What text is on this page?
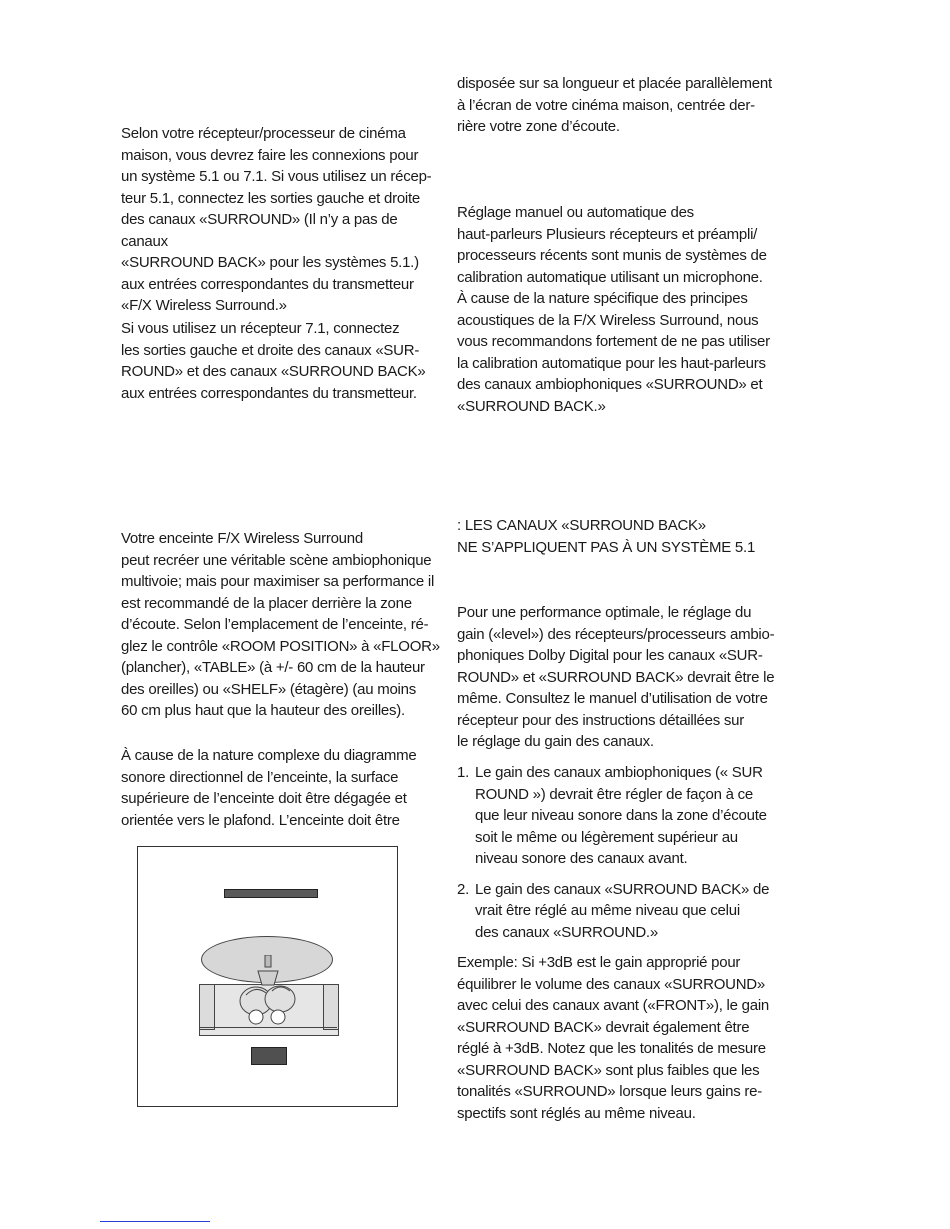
Selon votre récepteur/processeur de cinéma
maison, vous devrez faire les connexions pour
un système 5.1 ou 7.1. Si vous utilisez un récep-
teur 5.1, connectez les sorties gauche et droite
des canaux «SURROUND» (Il n’y a pas de canaux
«SURROUND BACK» pour les systèmes 5.1.)
aux entrées correspondantes du transmetteur
«F/X Wireless Surround.»

Si vous utilisez un récepteur 7.1, connectez
les sorties gauche et droite des canaux «SUR-
ROUND» et des canaux «SURROUND BACK»
aux entrées correspondantes du transmetteur.

Votre enceinte F/X Wireless Surround
peut recréer une véritable scène ambiophonique
multivoie; mais pour maximiser sa performance il
est recommandé de la placer derrière la zone
d’écoute. Selon l’emplacement de l’enceinte, ré-
glez le contrôle «ROOM POSITION» à «FLOOR»
(plancher), «TABLE» (à +/- 60 cm de la hauteur
des oreilles) ou «SHELF» (étagère) (au moins
60 cm plus haut que la hauteur des oreilles).

À cause de la nature complexe du diagramme
sonore directionnel de l’enceinte, la surface
supérieure de l’enceinte doit être dégagée et
orientée vers le plafond. L’enceinte doit être

disposée sur sa longueur et placée parallèlement
à l’écran de votre cinéma maison, centrée der-
rière votre zone d’écoute.

Réglage manuel ou automatique des
haut-parleurs Plusieurs récepteurs et préampli/
processeurs récents sont munis de systèmes de
calibration automatique utilisant un microphone.
À cause de la nature spécifique des principes
acoustiques de la F/X Wireless Surround, nous
vous recommandons fortement de ne pas utiliser
la calibration automatique pour les haut-parleurs
des canaux ambiophoniques «SURROUND» et
«SURROUND BACK.»

: LES CANAUX «SURROUND BACK»
NE S’APPLIQUENT PAS À UN SYSTÈME 5.1

Pour une performance optimale, le réglage du
gain («level») des récepteurs/processeurs ambio-
phoniques Dolby Digital pour les canaux «SUR-
ROUND» et «SURROUND BACK» devrait être le
même. Consultez le manuel d’utilisation de votre
récepteur pour des instructions détaillées sur
le réglage du gain des canaux.

1. Le gain des canaux ambiophoniques (« SUR
ROUND ») devrait être régler de façon à ce
que leur niveau sonore dans la zone d’écoute
soit le même ou légèrement supérieur au
niveau sonore des canaux avant.

2. Le gain des canaux «SURROUND BACK» de
vrait être réglé au même niveau que celui
des canaux «SURROUND.»

Exemple: Si +3dB est le gain approprié pour
équilibrer le volume des canaux «SURROUND»
avec celui des canaux avant («FRONT»), le gain
«SURROUND BACK» devrait également être
réglé à +3dB. Notez que les tonalités de mesure
«SURROUND BACK» sont plus faibles que les
tonalités «SURROUND» lorsque leurs gains re-
spectifs sont réglés au même niveau.
